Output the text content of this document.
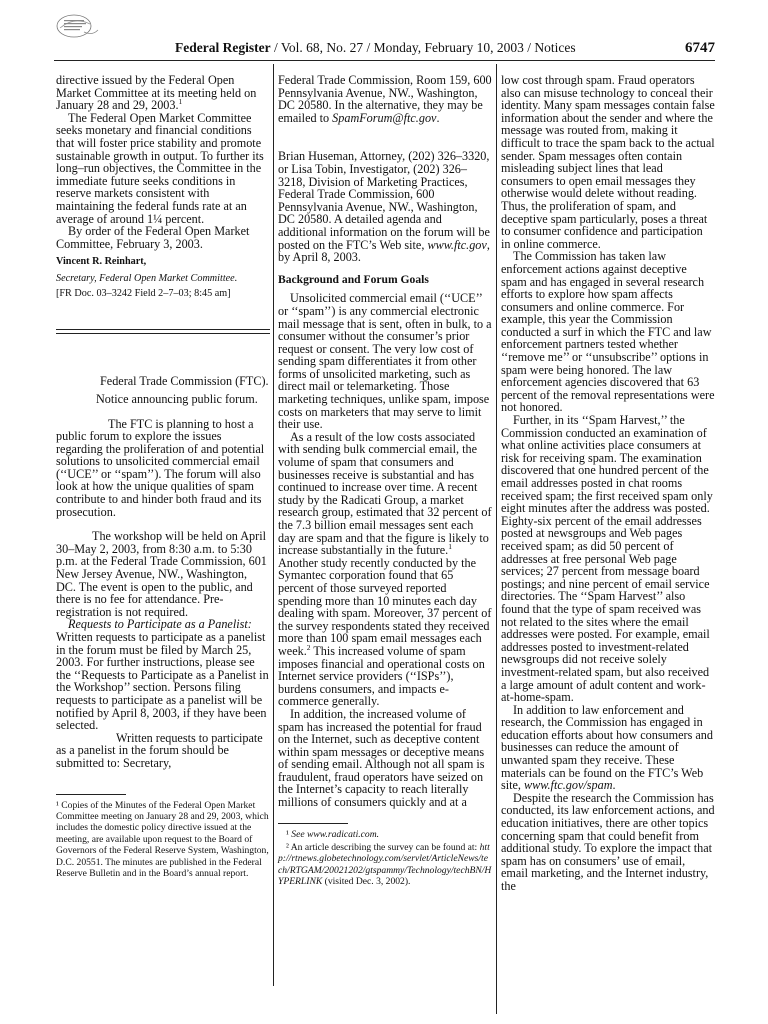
Federal Register / Vol. 68, No. 27 / Monday, February 10, 2003 / Notices	6747

directive issued by the Federal Open Market Committee at its meeting held on January 28 and 29, 2003.$^1$

The Federal Open Market Committee seeks monetary and financial conditions that will foster price stability and promote sustainable growth in output. To further its long–run objectives, the Committee in the immediate future seeks conditions in reserve markets consistent with maintaining the federal funds rate at an average of around 1¼ percent.

By order of the Federal Open Market Committee, February 3, 2003.

Vincent R. Reinhart,

Secretary, Federal Open Market Committee.

[FR Doc. 03–3242 Field 2–7–03; 8:45 am]

Federal Trade Commission (FTC).

Notice announcing public forum.

The FTC is planning to host a public forum to explore the issues regarding the proliferation of and potential solutions to unsolicited commercial email (‘‘UCE’’ or ‘‘spam’’). The forum will also look at how the unique qualities of spam contribute to and hinder both fraud and its prosecution.

The workshop will be held on April 30–May 2, 2003, from 8:30 a.m. to 5:30 p.m. at the Federal Trade Commission, 601 New Jersey Avenue, NW., Washington, DC. The event is open to the public, and there is no fee for attendance. Pre-registration is not required.

Requests to Participate as a Panelist: Written requests to participate as a panelist in the forum must be filed by March 25, 2003. For further instructions, please see the ‘‘Requests to Participate as a Panelist in the Workshop’’ section. Persons filing requests to participate as a panelist will be notified by April 8, 2003, if they have been selected.

Written requests to participate as a panelist in the forum should be submitted to: Secretary,

¹ Copies of the Minutes of the Federal Open Market Committee meeting on January 28 and 29, 2003, which includes the domestic policy directive issued at the meeting, are available upon request to the Board of Governors of the Federal Reserve System, Washington, D.C. 20551. The minutes are published in the Federal Reserve Bulletin and in the Board’s annual report.

Federal Trade Commission, Room 159, 600 Pennsylvania Avenue, NW., Washington, DC 20580. In the alternative, they may be emailed to SpamForum@ftc.gov.

Brian Huseman, Attorney, (202) 326–3320, or Lisa Tobin, Investigator, (202) 326–3218, Division of Marketing Practices, Federal Trade Commission, 600 Pennsylvania Avenue, NW., Washington, DC 20580. A detailed agenda and additional information on the forum will be posted on the FTC’s Web site, www.ftc.gov, by April 8, 2003.

Background and Forum Goals

Unsolicited commercial email (‘‘UCE’’ or ‘‘spam’’) is any commercial electronic mail message that is sent, often in bulk, to a consumer without the consumer’s prior request or consent. The very low cost of sending spam differentiates it from other forms of unsolicited marketing, such as direct mail or telemarketing. Those marketing techniques, unlike spam, impose costs on marketers that may serve to limit their use.

As a result of the low costs associated with sending bulk commercial email, the volume of spam that consumers and businesses receive is substantial and has continued to increase over time. A recent study by the Radicati Group, a market research group, estimated that 32 percent of the 7.3 billion email messages sent each day are spam and that the figure is likely to increase substantially in the future.$^1$ Another study recently conducted by the Symantec corporation found that 65 percent of those surveyed reported spending more than 10 minutes each day dealing with spam. Moreover, 37 percent of the survey respondents stated they received more than 100 spam email messages each week.$^2$ This increased volume of spam imposes financial and operational costs on Internet service providers (‘‘ISPs’’), burdens consumers, and impacts e-commerce generally.

In addition, the increased volume of spam has increased the potential for fraud on the Internet, such as deceptive content within spam messages or deceptive means of sending email. Although not all spam is fraudulent, fraud operators have seized on the Internet’s capacity to reach literally millions of consumers quickly and at a

¹ See www.radicati.com.

² An article describing the survey can be found at: http://rtnews.globetechnology.com/servlet/ArticleNews/tech/RTGAM/20021202/gtspammy/Technology/techBN/HYPERLINK (visited Dec. 3, 2002).

low cost through spam. Fraud operators also can misuse technology to conceal their identity. Many spam messages contain false information about the sender and where the message was routed from, making it difficult to trace the spam back to the actual sender. Spam messages often contain misleading subject lines that lead consumers to open email messages they otherwise would delete without reading. Thus, the proliferation of spam, and deceptive spam particularly, poses a threat to consumer confidence and participation in online commerce.

The Commission has taken law enforcement actions against deceptive spam and has engaged in several research efforts to explore how spam affects consumers and online commerce. For example, this year the Commission conducted a surf in which the FTC and law enforcement partners tested whether ‘‘remove me’’ or ‘‘unsubscribe’’ options in spam were being honored. The law enforcement agencies discovered that 63 percent of the removal representations were not honored.

Further, in its ‘‘Spam Harvest,’’ the Commission conducted an examination of what online activities place consumers at risk for receiving spam. The examination discovered that one hundred percent of the email addresses posted in chat rooms received spam; the first received spam only eight minutes after the address was posted. Eighty-six percent of the email addresses posted at newsgroups and Web pages received spam; as did 50 percent of addresses at free personal Web page services; 27 percent from message board postings; and nine percent of email service directories. The ‘‘Spam Harvest’’ also found that the type of spam received was not related to the sites where the email addresses were posted. For example, email addresses posted to investment-related newsgroups did not receive solely investment-related spam, but also received a large amount of adult content and work-at-home-spam.

In addition to law enforcement and research, the Commission has engaged in education efforts about how consumers and businesses can reduce the amount of unwanted spam they receive. These materials can be found on the FTC’s Web site, www.ftc.gov/spam.

Despite the research the Commission has conducted, its law enforcement actions, and education initiatives, there are other topics concerning spam that could benefit from additional study. To explore the impact that spam has on consumers’ use of email, email marketing, and the Internet industry, the
